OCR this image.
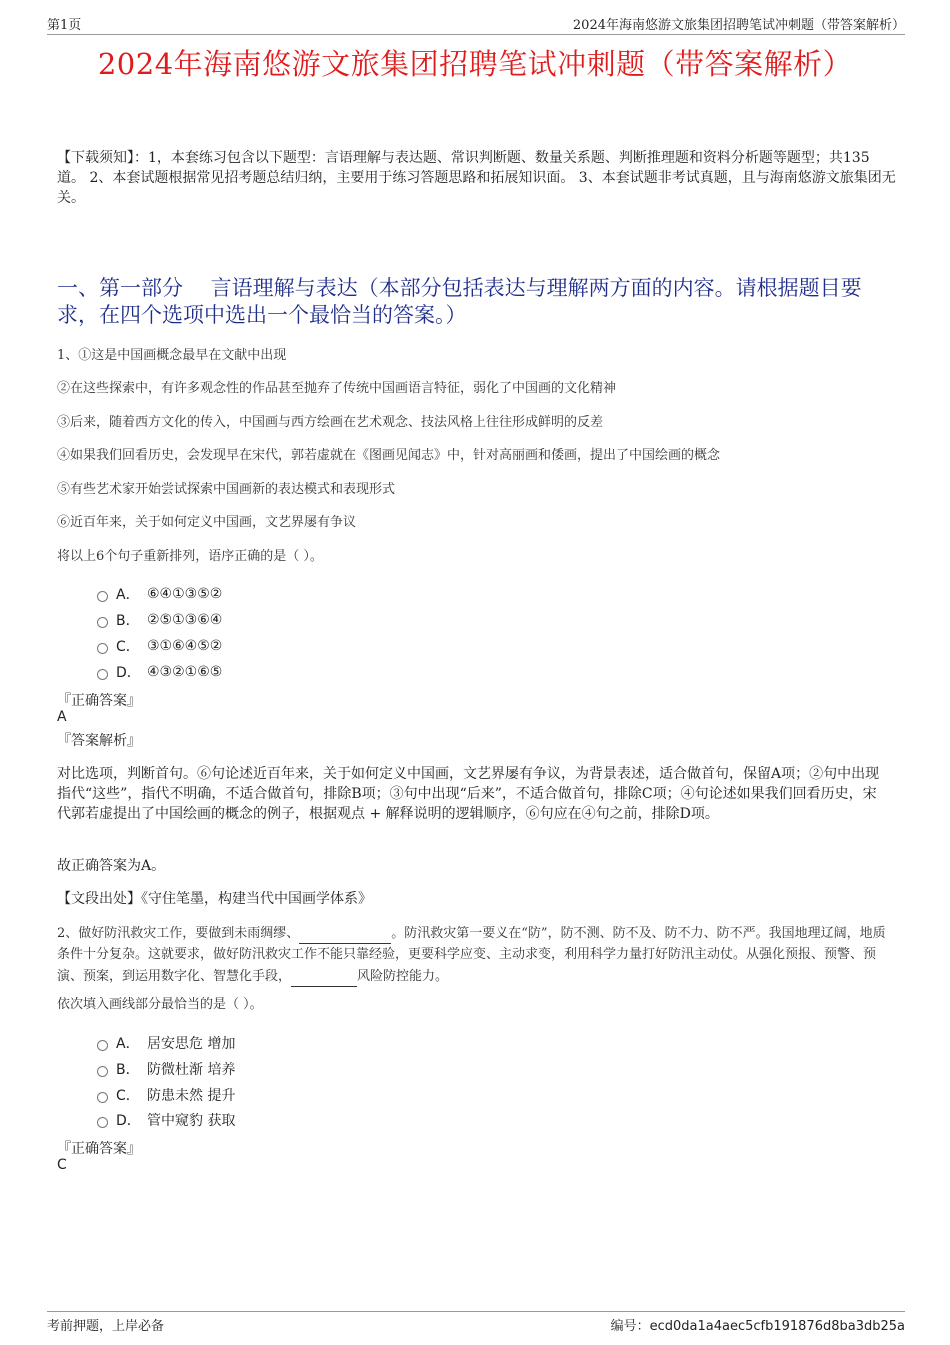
第1页	2024年海南悠游文旅集团招聘笔试冲刺题（带答案解析）
2024年海南悠游文旅集团招聘笔试冲刺题（带答案解析）
【下载须知】：1，本套练习包含以下题型：言语理解与表达题、常识判断题、数量关系题、判断推理题和资料分析题等题型；共135道。 2、本套试题根据常见招考题总结归纳，主要用于练习答题思路和拓展知识面。 3、本套试题非考试真题，且与海南悠游文旅集团无关。
一、第一部分　 言语理解与表达（本部分包括表达与理解两方面的内容。请根据题目要求，在四个选项中选出一个最恰当的答案。）
1、①这是中国画概念最早在文献中出现
②在这些探索中，有许多观念性的作品甚至抛弃了传统中国画语言特征，弱化了中国画的文化精神
③后来，随着西方文化的传入，中国画与西方绘画在艺术观念、技法风格上往往形成鲜明的反差
④如果我们回看历史，会发现早在宋代，郭若虚就在《图画见闻志》中，针对高丽画和倭画，提出了中国绘画的概念
⑤有些艺术家开始尝试探索中国画新的表达模式和表现形式
⑥近百年来，关于如何定义中国画，文艺界屡有争议
将以上6个句子重新排列，语序正确的是（ ）。
A． ⑥④①③⑤②
B． ②⑤①③⑥④
C． ③①⑥④⑤②
D． ④③②①⑥⑤
『正确答案』
A
『答案解析』
对比选项，判断首句。⑥句论述近百年来，关于如何定义中国画，文艺界屡有争议，为背景表述，适合做首句，保留A项；②句中出现指代“这些”，指代不明确，不适合做首句，排除B项；③句中出现“后来”，不适合做首句，排除C项；④句论述如果我们回看历史，宋代郭若虚提出了中国绘画的概念的例子，根据观点 + 解释说明的逻辑顺序，⑥句应在④句之前，排除D项。
故正确答案为A。
【文段出处】《守住笔墨，构建当代中国画学体系》
2、做好防汛救灾工作，要做到未雨绸缪、	。防汛救灾第一要义在“防”，防不测、防不及、防不力、防不严。我国地理辽阔，地质条件十分复杂。这就要求，做好防汛救灾工作不能只靠经验，更要科学应变、主动求变，利用科学力量打好防汛主动仗。从强化预报、预警、预演、预案，到运用数字化、智慧化手段，	风险防控能力。
依次填入画线部分最恰当的是（ ）。
A． 居安思危 增加
B． 防微杜渐 培养
C． 防患未然 提升
D． 管中窥豹 获取
『正确答案』
C
考前押题，上岸必备	编号：ecd0da1a4aec5cfb191876d8ba3db25a
